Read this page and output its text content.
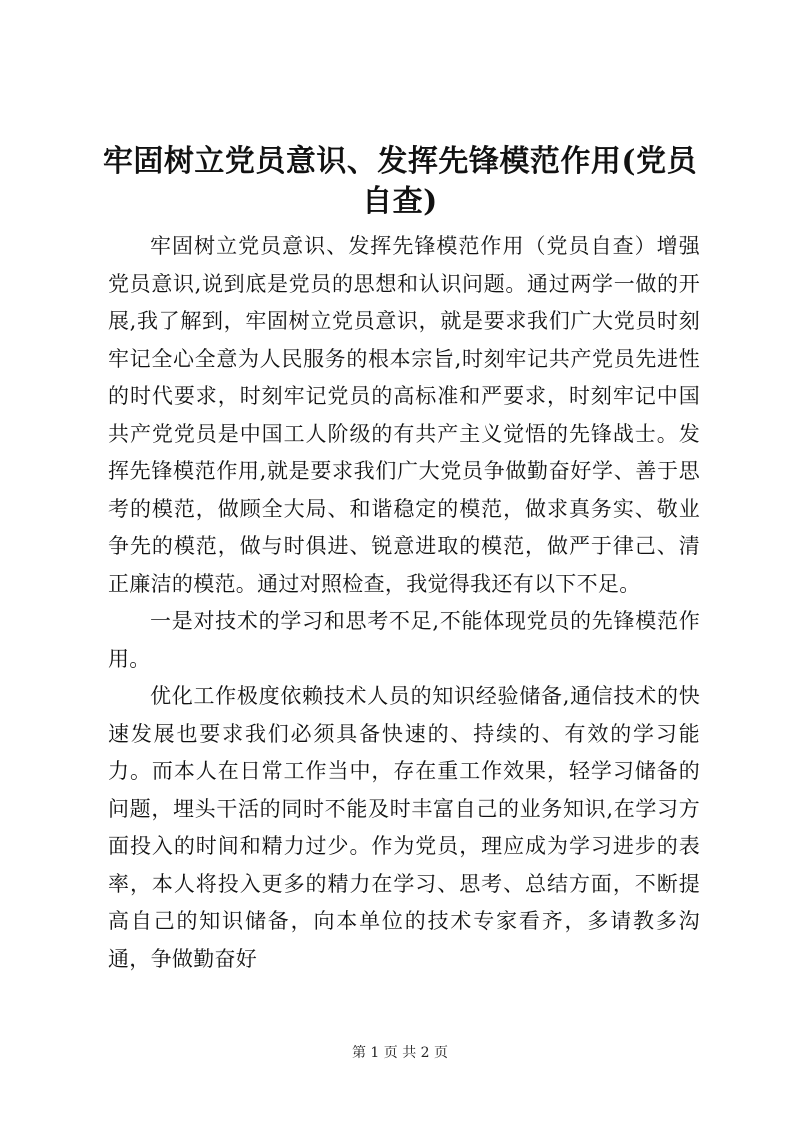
牢固树立党员意识、发挥先锋模范作用(党员自查)

牢固树立党员意识、发挥先锋模范作用（党员自查）增强党员意识,说到底是党员的思想和认识问题。通过两学一做的开展,我了解到，牢固树立党员意识，就是要求我们广大党员时刻牢记全心全意为人民服务的根本宗旨,时刻牢记共产党员先进性的时代要求，时刻牢记党员的高标准和严要求，时刻牢记中国共产党党员是中国工人阶级的有共产主义觉悟的先锋战士。发挥先锋模范作用,就是要求我们广大党员争做勤奋好学、善于思考的模范，做顾全大局、和谐稳定的模范，做求真务实、敬业争先的模范，做与时俱进、锐意进取的模范，做严于律己、清正廉洁的模范。通过对照检查，我觉得我还有以下不足。

一是对技术的学习和思考不足,不能体现党员的先锋模范作用。

优化工作极度依赖技术人员的知识经验储备,通信技术的快速发展也要求我们必须具备快速的、持续的、有效的学习能力。而本人在日常工作当中，存在重工作效果，轻学习储备的问题，埋头干活的同时不能及时丰富自己的业务知识,在学习方面投入的时间和精力过少。作为党员，理应成为学习进步的表率，本人将投入更多的精力在学习、思考、总结方面，不断提高自己的知识储备，向本单位的技术专家看齐，多请教多沟通，争做勤奋好

第 1 页 共 2 页
